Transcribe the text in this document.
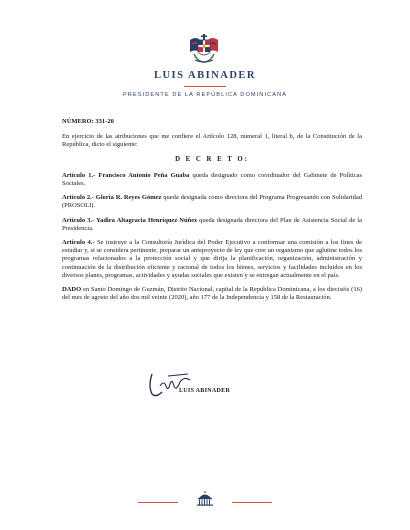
LUIS ABINADER
PRESIDENTE DE LA REPÚBLICA DOMINICANA

NÚMERO: 331-20

En ejercicio de las atribuciones que me confiere el Artículo 128, numeral 1, literal b, de la Constitución de la República, dicto el siguiente:

D E C R E T O:

Artículo 1.- Francisco Antonio Peña Guaba queda designado como coordinador del Gabinete de Políticas Sociales.

Artículo 2.- Gloria R. Reyes Gómez queda designada como directora del Programa Progresando con Solidaridad (PROSOLI).

Artículo 3.- Yadira Altagracia Henríquez Núñez queda designada directora del Plan de Asistencia Social de la Presidencia.

Artículo 4.- Se instruye a la Consultoría Jurídica del Poder Ejecutivo a conformar una comisión a los fines de estudiar y, si se considera pertinente, preparar un anteproyecto de ley que cree un organismo que aglutine todos los programas relacionados a la protección social y que dirija la planificación, organización, administración y continuación de la distribución eficiente y racional de todos los bienes, servicios y facilidades incluidos en los diversos planes, programas, actividades y ayudas sociales que existen y se entregan actualmente en el país.

DADO en Santo Domingo de Guzmán, Distrito Nacional, capital de la República Dominicana, a los dieciséis (16) del mes de agosto del año dos mil veinte (2020), año 177 de la Independencia y 158 de la Restauración.

LUIS ABINADER
